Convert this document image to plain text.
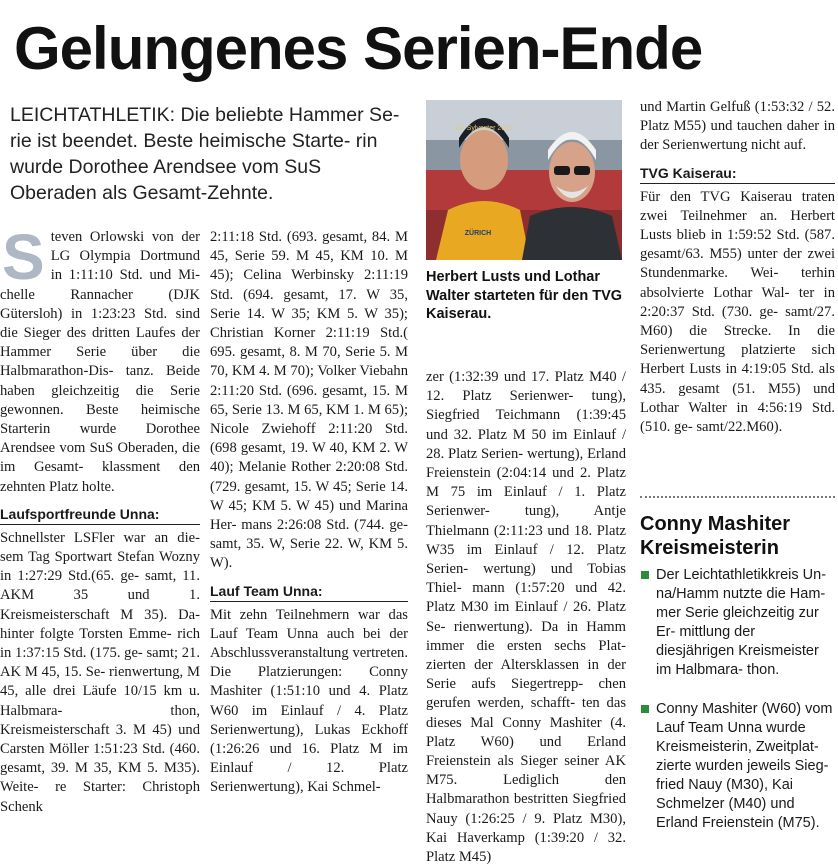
Gelungenes Serien-Ende
LEICHTATHLETIK: Die beliebte Hammer Se- rie ist beendet. Beste heimische Starte- rin wurde Dorothee Arendsee vom SuS Oberaden als Gesamt-Zehnte.
S teven Orlowski von der LG Olympia Dortmund in 1:11:10 Std. und Mi- chelle Rannacher (DJK Gütersloh) in 1:23:23 Std. sind die Sieger des dritten Laufes der Hammer Serie über die Halbmarathon-Dis- tanz. Beide haben gleichzeitig die Serie gewonnen. Beste heimische Starterin wurde Dorothee Arendsee vom SuS Oberaden, die im Gesamt- klassment den zehnten Platz holte.

Laufsportfreunde Unna:

Schnellster LSFler war an die- sem Tag Sportwart Stefan Wozny in 1:27:29 Std.(65. ge- samt, 11. AKM 35 und 1. Kreismeisterschaft M 35). Da- hinter folgte Torsten Emme- rich in 1:37:15 Std. (175. ge- samt; 21. AK M 45, 15. Se- rienwertung, M 45, alle drei Läufe 10/15 km u. Halbmara- thon, Kreismeisterschaft 3. M 45) und Carsten Möller 1:51:23 Std. (460. gesamt, 39. M 35, KM 5. M35). Weite- re Starter: Christoph Schenk

2:11:18 Std. (693. gesamt, 84. M 45, Serie 59. M 45, KM 10. M 45); Celina Werbinsky 2:11:19 Std. (694. gesamt, 17. W 35, Serie 14. W 35; KM 5. W 35); Christian Korner 2:11:19 Std.( 695. gesamt, 8. M 70, Serie 5. M 70, KM 4. M 70); Volker Viebahn 2:11:20 Std. (696. gesamt, 15. M 65, Serie 13. M 65, KM 1. M 65); Nicole Zwiehoff 2:11:20 Std. (698 gesamt, 19. W 40, KM 2. W 40); Melanie Rother 2:20:08 Std. (729. gesamt, 15. W 45; Serie 14. W 45; KM 5. W 45) und Marina Her- mans 2:26:08 Std. (744. ge- samt, 35. W, Serie 22. W, KM 5. W).

Lauf Team Unna:

Mit zehn Teilnehmern war das Lauf Team Unna auch bei der Abschlussveranstaltung vertreten. Die Platzierungen: Conny Mashiter (1:51:10 und 4. Platz W60 im Einlauf / 4. Platz Serienwertung), Lukas Eckhoff (1:26:26 und 16. Platz M im Einlauf / 12. Platz Serienwertung), Kai Schmel-

24. Sylvester 2019
ZÜRICH
Herbert Lusts und Lothar Walter starteten für den TVG Kaiserau.

zer (1:32:39 und 17. Platz M40 / 12. Platz Serienwer- tung), Siegfried Teichmann (1:39:45 und 32. Platz M 50 im Einlauf / 28. Platz Serien- wertung), Erland Freienstein (2:04:14 und 2. Platz M 75 im Einlauf / 1. Platz Serienwer- tung), Antje Thielmann (2:11:23 und 18. Platz W35 im Einlauf / 12. Platz Serien- wertung) und Tobias Thiel- mann (1:57:20 und 42. Platz M30 im Einlauf / 26. Platz Se- rienwertung). Da in Hamm immer die ersten sechs Plat- zierten der Altersklassen in der Serie aufs Siegertrepp- chen gerufen werden, schafft- ten das dieses Mal Conny Mashiter (4. Platz W60) und Erland Freienstein als Sieger seiner AK M75. Lediglich den Halbmarathon bestritten Siegfried Nauy (1:26:25 / 9. Platz M30), Kai Haverkamp (1:39:20 / 32. Platz M45)

und Martin Gelfuß (1:53:32 / 52. Platz M55) und tauchen daher in der Serienwertung nicht auf.

TVG Kaiserau:

Für den TVG Kaiserau traten zwei Teilnehmer an. Herbert Lusts blieb in 1:59:52 Std. (587. gesamt/63. M55) unter der zwei Stundenmarke. Wei- terhin absolvierte Lothar Wal- ter in 2:20:37 Std. (730. ge- samt/27. M60) die Strecke. In die Serienwertung platzierte sich Herbert Lusts in 4:19:05 Std. als 435. gesamt (51. M55) und Lothar Walter in 4:56:19 Std. (510. ge- samt/22.M60).

Conny Mashiter Kreismeisterin
Der Leichtathletikkreis Un- na/Hamm nutzte die Ham- mer Serie gleichzeitig zur Er- mittlung der diesjährigen Kreismeister im Halbmara- thon.
Conny Mashiter (W60) vom Lauf Team Unna wurde Kreismeisterin, Zweitplat- zierte wurden jeweils Sieg- fried Nauy (M30), Kai Schmelzer (M40) und Erland Freienstein (M75).
